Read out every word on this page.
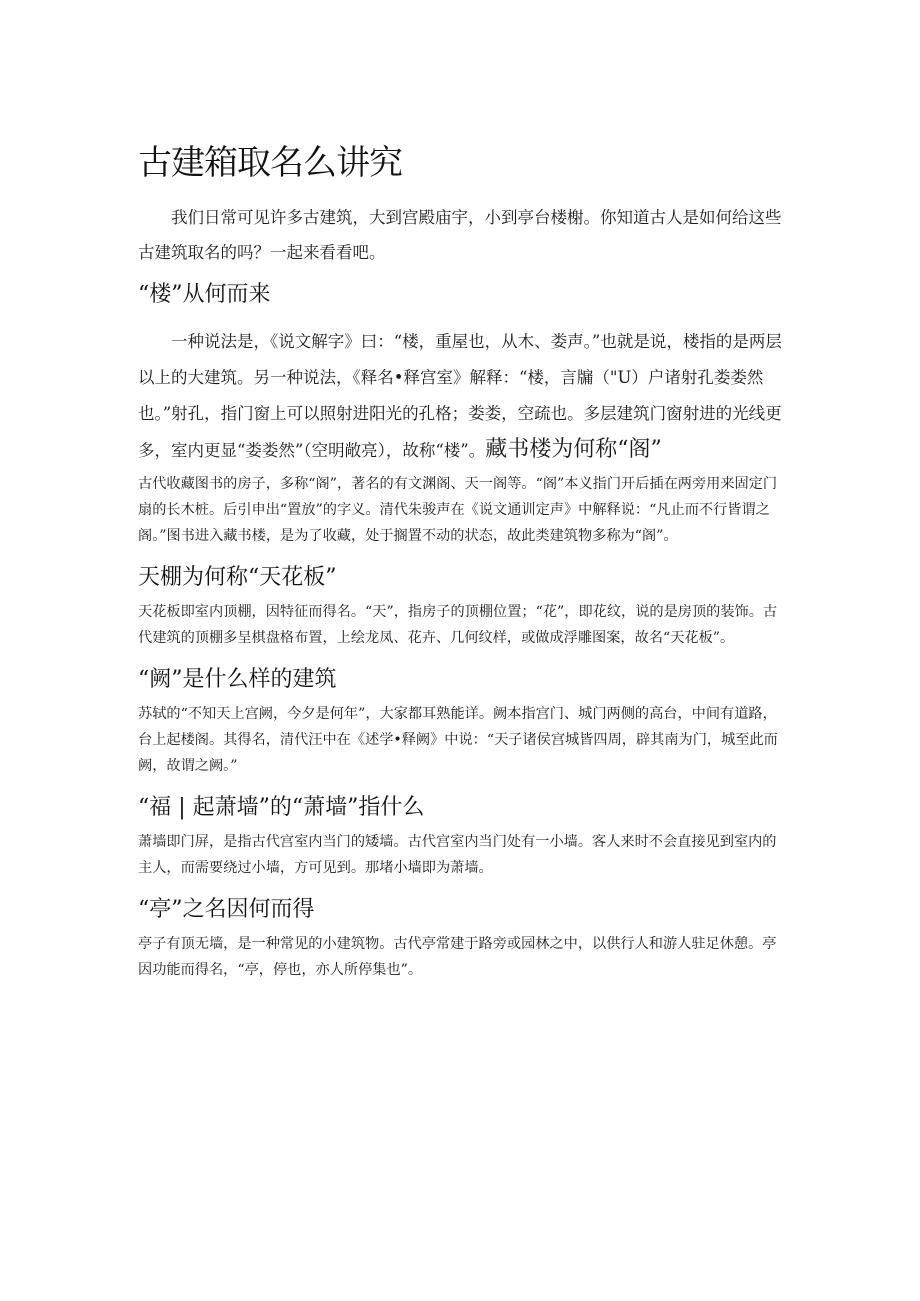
古建箱取名么讲究

我们日常可见许多古建筑，大到宫殿庙宇，小到亭台楼榭。你知道古人是如何给这些古建筑取名的吗？一起来看看吧。

“楼”从何而来

一种说法是，《说文解字》曰：“楼，重屋也，从木、娄声。”也就是说，楼指的是两层以上的大建筑。另一种说法，《释名•释宫室》解释：“楼，言牖（"U）户诸射孔娄娄然也。”射孔，指门窗上可以照射进阳光的孔格；娄娄，空疏也。多层建筑门窗射进的光线更多，室内更显“娄娄然”（空明敞亮），故称“楼”。藏书楼为何称“阁”

古代收藏图书的房子，多称“阁”，著名的有文渊阁、天一阁等。“阁”本义指门开后插在两旁用来固定门扇的长木桩。后引申出“置放”的字义。清代朱骏声在《说文通训定声》中解释说：“凡止而不行皆谓之阁。”图书进入藏书楼，是为了收藏，处于搁置不动的状态，故此类建筑物多称为“阁”。

天棚为何称“天花板”

天花板即室内顶棚，因特征而得名。“天”，指房子的顶棚位置；“花”，即花纹，说的是房顶的装饰。古代建筑的顶棚多呈棋盘格布置，上绘龙凤、花卉、几何纹样，或做成浮雕图案，故名“天花板”。

“阙”是什么样的建筑

苏轼的“不知天上宫阙，今夕是何年”，大家都耳熟能详。阙本指宫门、城门两侧的高台，中间有道路，台上起楼阁。其得名，清代汪中在《述学•释阙》中说：“天子诸侯宫城皆四周，辟其南为门，城至此而阙，故谓之阙。”

“福 | 起萧墙”的“萧墙”指什么

萧墙即门屏，是指古代宫室内当门的矮墙。古代宫室内当门处有一小墙。客人来时不会直接见到室内的主人，而需要绕过小墙，方可见到。那堵小墙即为萧墙。

“亭”之名因何而得

亭子有顶无墙，是一种常见的小建筑物。古代亭常建于路旁或园林之中，以供行人和游人驻足休憩。亭因功能而得名，“亭，停也，亦人所停集也”。
